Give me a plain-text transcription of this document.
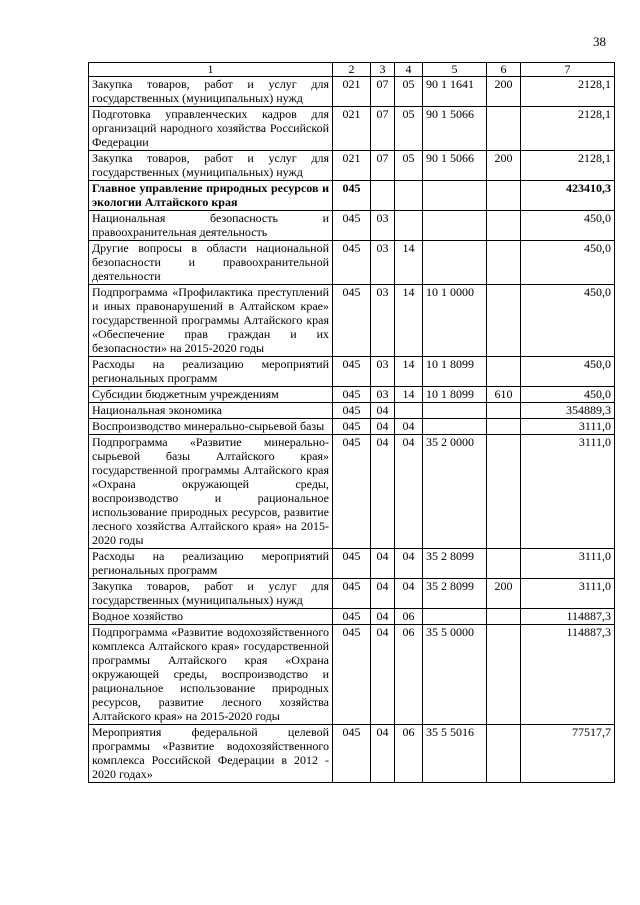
38
1	2	3	4	5	6	7
Закупка товаров, работ и услуг для государственных (муниципальных) нужд	021	07	05	90 1 1641	200	2128,1
Подготовка управленческих кадров для организаций народного хозяйства Российской Федерации	021	07	05	90 1 5066		2128,1
Закупка товаров, работ и услуг для государственных (муниципальных) нужд	021	07	05	90 1 5066	200	2128,1
Главное управление природных ресурсов и экологии Алтайского края	045					423410,3
Национальная безопасность и правоохранительная деятельность	045	03				450,0
Другие вопросы в области национальной безопасности и правоохранительной деятельности	045	03	14			450,0
Подпрограмма «Профилактика преступлений и иных правонарушений в Алтайском крае» государственной программы Алтайского края «Обеспечение прав граждан и их безопасности» на 2015-2020 годы	045	03	14	10 1 0000		450,0
Расходы на реализацию мероприятий региональных программ	045	03	14	10 1 8099		450,0
Субсидии бюджетным учреждениям	045	03	14	10 1 8099	610	450,0
Национальная экономика	045	04				354889,3
Воспроизводство минерально-сырьевой базы	045	04	04			3111,0
Подпрограмма «Развитие минерально-сырьевой базы Алтайского края» государственной программы Алтайского края «Охрана окружающей среды, воспроизводство и рациональное использование природных ресурсов, развитие лесного хозяйства Алтайского края» на 2015-2020 годы	045	04	04	35 2 0000		3111,0
Расходы на реализацию мероприятий региональных программ	045	04	04	35 2 8099		3111,0
Закупка товаров, работ и услуг для государственных (муниципальных) нужд	045	04	04	35 2 8099	200	3111,0
Водное хозяйство	045	04	06			114887,3
Подпрограмма «Развитие водохозяйственного комплекса Алтайского края» государственной программы Алтайского края «Охрана окружающей среды, воспроизводство и рациональное использование природных ресурсов, развитие лесного хозяйства Алтайского края» на 2015-2020 годы	045	04	06	35 5 0000		114887,3
Мероприятия федеральной целевой программы «Развитие водохозяйственного комплекса Российской Федерации в 2012 - 2020 годах»	045	04	06	35 5 5016		77517,7
